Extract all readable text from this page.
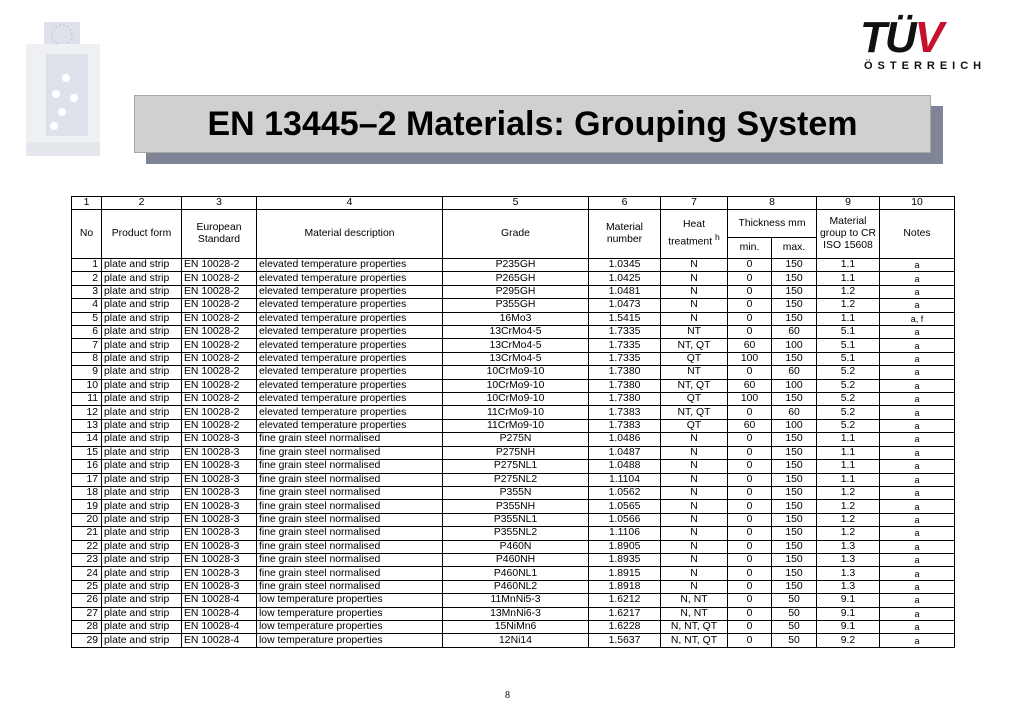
TÜV
ÖSTERREICH
EN 13445–2 Materials: Grouping System
1	2	3	4	5	6	7	8		9	10
No	Product form	European Standard	Material description	Grade	Material number	Heat treatment $^h$	Thickness mm		Material group to CR ISO 15608	Notes
							min.	max.		
1	plate and strip	EN 10028-2	elevated temperature properties	P235GH	1.0345	N	0	150	1.1	a
2	plate and strip	EN 10028-2	elevated temperature properties	P265GH	1.0425	N	0	150	1.1	a
3	plate and strip	EN 10028-2	elevated temperature properties	P295GH	1.0481	N	0	150	1.2	a
4	plate and strip	EN 10028-2	elevated temperature properties	P355GH	1.0473	N	0	150	1.2	a
5	plate and strip	EN 10028-2	elevated temperature properties	16Mo3	1.5415	N	0	150	1.1	a, f
6	plate and strip	EN 10028-2	elevated temperature properties	13CrMo4-5	1.7335	NT	0	60	5.1	a
7	plate and strip	EN 10028-2	elevated temperature properties	13CrMo4-5	1.7335	NT, QT	60	100	5.1	a
8	plate and strip	EN 10028-2	elevated temperature properties	13CrMo4-5	1.7335	QT	100	150	5.1	a
9	plate and strip	EN 10028-2	elevated temperature properties	10CrMo9-10	1.7380	NT	0	60	5.2	a
10	plate and strip	EN 10028-2	elevated temperature properties	10CrMo9-10	1.7380	NT, QT	60	100	5.2	a
11	plate and strip	EN 10028-2	elevated temperature properties	10CrMo9-10	1.7380	QT	100	150	5.2	a
12	plate and strip	EN 10028-2	elevated temperature properties	11CrMo9-10	1.7383	NT, QT	0	60	5.2	a
13	plate and strip	EN 10028-2	elevated temperature properties	11CrMo9-10	1.7383	QT	60	100	5.2	a
14	plate and strip	EN 10028-3	fine grain steel normalised	P275N	1.0486	N	0	150	1.1	a
15	plate and strip	EN 10028-3	fine grain steel normalised	P275NH	1.0487	N	0	150	1.1	a
16	plate and strip	EN 10028-3	fine grain steel normalised	P275NL1	1.0488	N	0	150	1.1	a
17	plate and strip	EN 10028-3	fine grain steel normalised	P275NL2	1.1104	N	0	150	1.1	a
18	plate and strip	EN 10028-3	fine grain steel normalised	P355N	1.0562	N	0	150	1.2	a
19	plate and strip	EN 10028-3	fine grain steel normalised	P355NH	1.0565	N	0	150	1.2	a
20	plate and strip	EN 10028-3	fine grain steel normalised	P355NL1	1.0566	N	0	150	1.2	a
21	plate and strip	EN 10028-3	fine grain steel normalised	P355NL2	1.1106	N	0	150	1.2	a
22	plate and strip	EN 10028-3	fine grain steel normalised	P460N	1.8905	N	0	150	1.3	a
23	plate and strip	EN 10028-3	fine grain steel normalised	P460NH	1.8935	N	0	150	1.3	a
24	plate and strip	EN 10028-3	fine grain steel normalised	P460NL1	1.8915	N	0	150	1.3	a
25	plate and strip	EN 10028-3	fine grain steel normalised	P460NL2	1.8918	N	0	150	1.3	a
26	plate and strip	EN 10028-4	low temperature properties	11MnNi5-3	1.6212	N, NT	0	50	9.1	a
27	plate and strip	EN 10028-4	low temperature properties	13MnNi6-3	1.6217	N, NT	0	50	9.1	a
28	plate and strip	EN 10028-4	low temperature properties	15NiMn6	1.6228	N, NT, QT	0	50	9.1	a
29	plate and strip	EN 10028-4	low temperature properties	12Ni14	1.5637	N, NT, QT	0	50	9.2	a
8
